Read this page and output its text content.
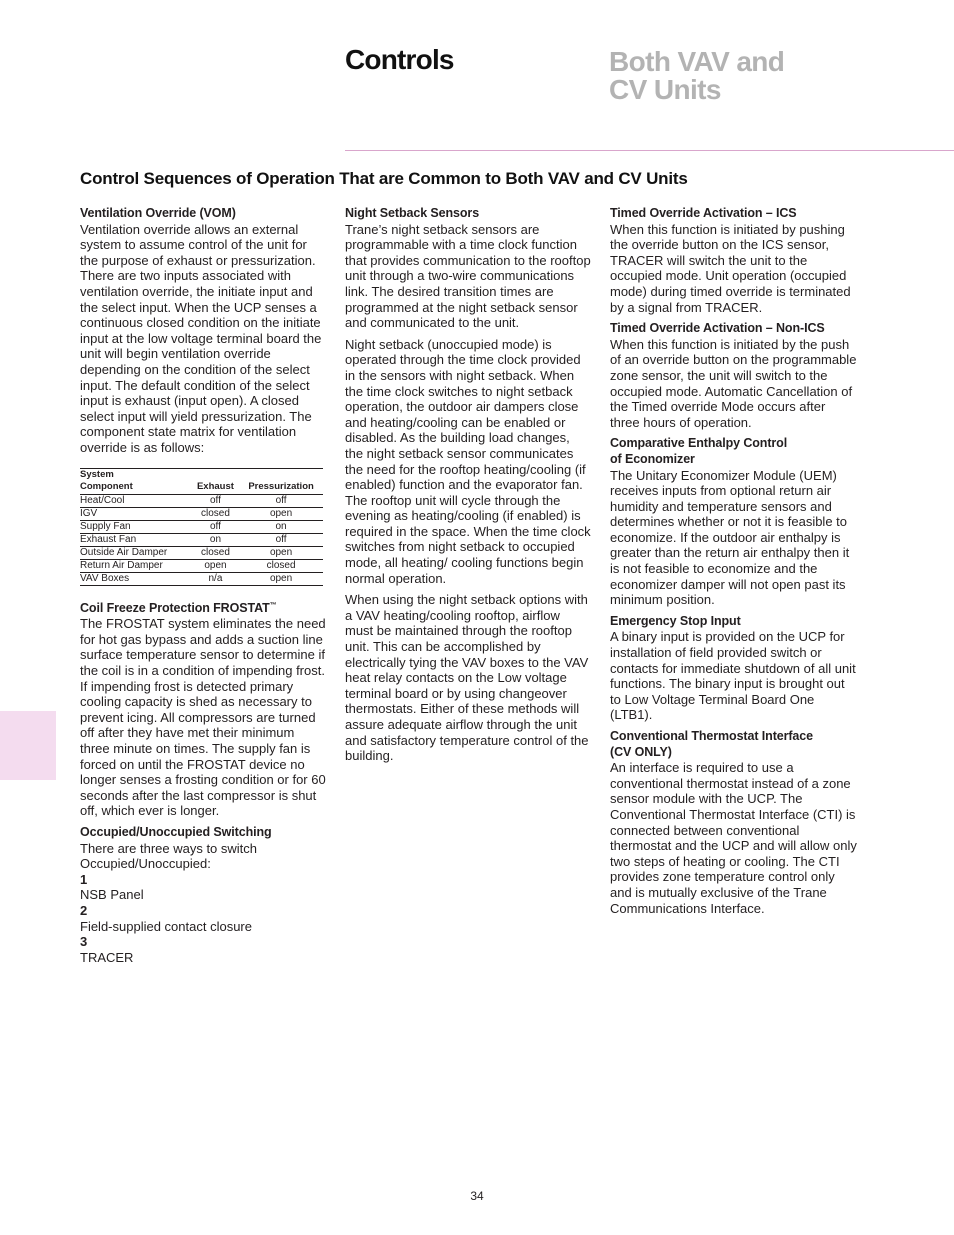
Controls	Both VAV and
CV Units
Control Sequences of Operation That are Common to Both VAV and CV Units
Ventilation Override (VOM)
Ventilation override allows an external system to assume control of the unit for the purpose of exhaust or pressurization. There are two inputs associated with ventilation override, the initiate input and the select input. When the UCP senses a continuous closed condition on the initiate input at the low voltage terminal board the unit will begin ventilation override depending on the condition of the select input. The default condition of the select input is exhaust (input open). A closed select input will yield pressurization. The component state matrix for ventilation override is as follows:
System		
Component	Exhaust	Pressurization
Heat/Cool	off	off
IGV	closed	open
Supply Fan	off	on
Exhaust Fan	on	off
Outside Air Damper	closed	open
Return Air Damper	open	closed
VAV Boxes	n/a	open
Coil Freeze Protection FROSTAT™
The FROSTAT system eliminates the need for hot gas bypass and adds a suction line surface temperature sensor to determine if the coil is in a condition of impending frost. If impending frost is detected primary cooling capacity is shed as necessary to prevent icing. All compressors are turned off after they have met their minimum three minute on times. The supply fan is forced on until the FROSTAT device no longer senses a frosting condition or for 60 seconds after the last compressor is shut off, which ever is longer.
Occupied/Unoccupied Switching
There are three ways to switch Occupied/Unoccupied:
1
NSB Panel
2
Field-supplied contact closure
3
TRACER
Night Setback Sensors
Trane’s night setback sensors are programmable with a time clock function that provides communication to the rooftop unit through a two-wire communications link. The desired transition times are programmed at the night setback sensor and communicated to the unit.
Night setback (unoccupied mode) is operated through the time clock provided in the sensors with night setback. When the time clock switches to night setback operation, the outdoor air dampers close and heating/cooling can be enabled or disabled. As the building load changes, the night setback sensor communicates the need for the rooftop heating/cooling (if enabled) function and the evaporator fan. The rooftop unit will cycle through the evening as heating/cooling (if enabled) is required in the space. When the time clock switches from night setback to occupied mode, all heating/ cooling functions begin normal operation.
When using the night setback options with a VAV heating/cooling rooftop, airflow must be maintained through the rooftop unit. This can be accomplished by electrically tying the VAV boxes to the VAV heat relay contacts on the Low voltage terminal board or by using changeover thermostats. Either of these methods will assure adequate airflow through the unit and satisfactory temperature control of the building.
Timed Override Activation – ICS
When this function is initiated by pushing the override button on the ICS sensor, TRACER will switch the unit to the occupied mode. Unit operation (occupied mode) during timed override is terminated by a signal from TRACER.
Timed Override Activation – Non-ICS
When this function is initiated by the push of an override button on the programmable zone sensor, the unit will switch to the occupied mode. Automatic Cancellation of the Timed override Mode occurs after three hours of operation.
Comparative Enthalpy Control
of Economizer
The Unitary Economizer Module (UEM) receives inputs from optional return air humidity and temperature sensors and determines whether or not it is feasible to economize. If the outdoor air enthalpy is greater than the return air enthalpy then it is not feasible to economize and the economizer damper will not open past its minimum position.
Emergency Stop Input
A binary input is provided on the UCP for installation of field provided switch or contacts for immediate shutdown of all unit functions. The binary input is brought out to Low Voltage Terminal Board One (LTB1).
Conventional Thermostat Interface
(CV ONLY)
An interface is required to use a conventional thermostat instead of a zone sensor module with the UCP. The Conventional Thermostat Interface (CTI) is connected between conventional thermostat and the UCP and will allow only two steps of heating or cooling. The CTI provides zone temperature control only and is mutually exclusive of the Trane Communications Interface.
34
